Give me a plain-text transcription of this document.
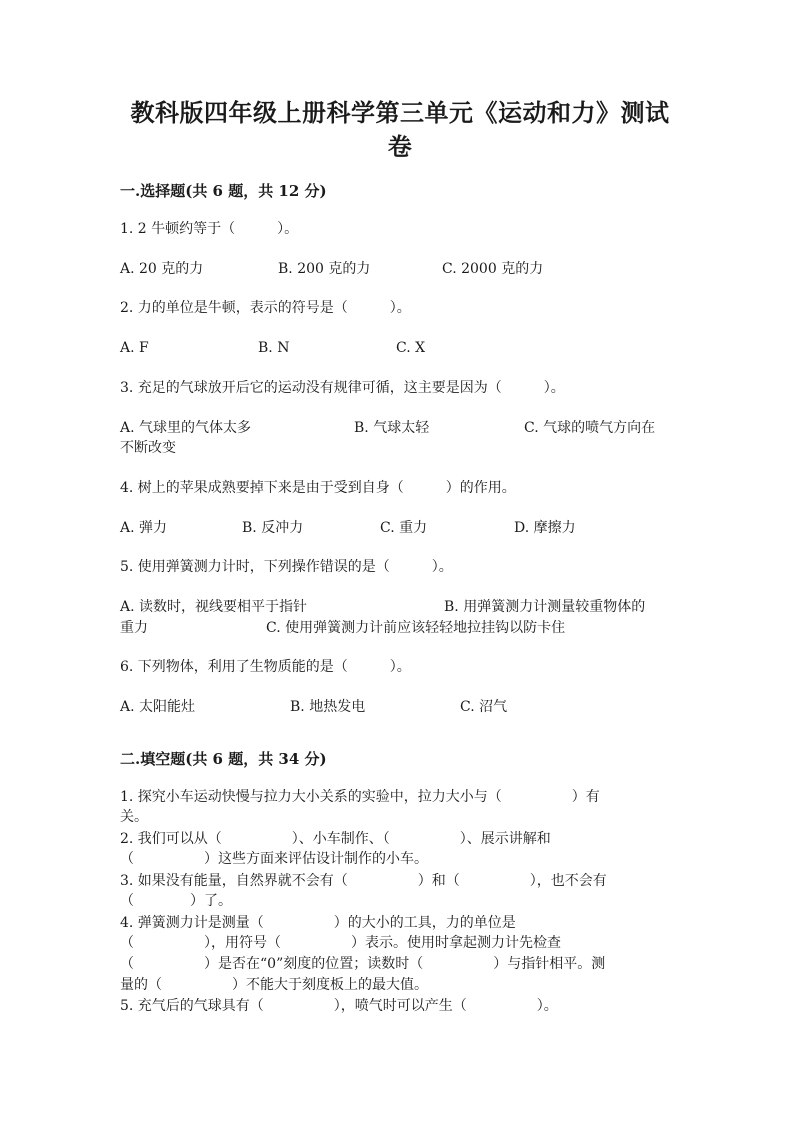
教科版四年级上册科学第三单元《运动和力》测试
卷
一.选择题(共 6 题，共 12 分)
1. 2 牛顿约等于（　　　）。
A. 20 克的力	B. 200 克的力	C. 2000 克的力
2. 力的单位是牛顿，表示的符号是（　　　）。
A. F	B. N	C. X
3. 充足的气球放开后它的运动没有规律可循，这主要是因为（　　　）。
A. 气球里的气体太多	B. 气球太轻	C. 气球的喷气方向在
不断改变
4. 树上的苹果成熟要掉下来是由于受到自身（　　　）的作用。
A. 弹力	B. 反冲力	C. 重力	D. 摩擦力
5. 使用弹簧测力计时，下列操作错误的是（　　　）。
A. 读数时，视线要相平于指针	B. 用弹簧测力计测量较重物体的
重力	C. 使用弹簧测力计前应该轻轻地拉挂钩以防卡住
6. 下列物体，利用了生物质能的是（　　　）。
A. 太阳能灶	B. 地热发电	C. 沼气
二.填空题(共 6 题，共 34 分)
1. 探究小车运动快慢与拉力大小关系的实验中，拉力大小与（　　　　　）有
关。
2. 我们可以从（　　　　　）、小车制作、（　　　　　）、展示讲解和
（　　　　　）这些方面来评估设计制作的小车。
3. 如果没有能量，自然界就不会有（　　　　　）和（　　　　　），也不会有
（　　　　）了。
4. 弹簧测力计是测量（　　　　　）的大小的工具，力的单位是
（　　　　　），用符号（　　　　　）表示。使用时拿起测力计先检查
（　　　　　）是否在“0”刻度的位置；读数时（　　　　　）与指针相平。测
量的（　　　　　）不能大于刻度板上的最大值。
5. 充气后的气球具有（　　　　　），喷气时可以产生（　　　　　）。
